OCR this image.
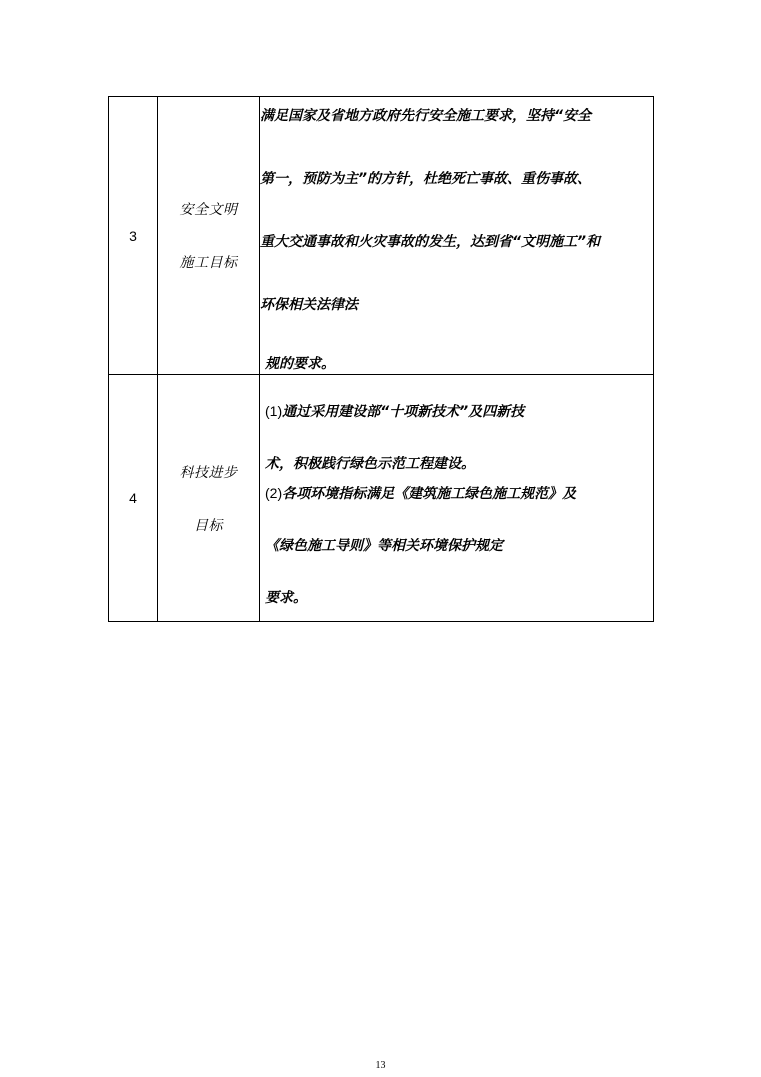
3	安全文明
施工目标	满足国家及省地方政府先行安全施工要求，坚持“安全
第一，预防为主”的方针，杜绝死亡事故、重伤事故、
重大交通事故和火灾事故的发生，达到省“文明施工”和
环保相关法律法
规的要求。

4	科技进步
目标	(1)通过采用建设部“十项新技术”及四新技
术，积极践行绿色示范工程建设。
(2)各项环境指标满足《建筑施工绿色施工规范》及
《绿色施工导则》等相关环境保护规定
要求。
13
